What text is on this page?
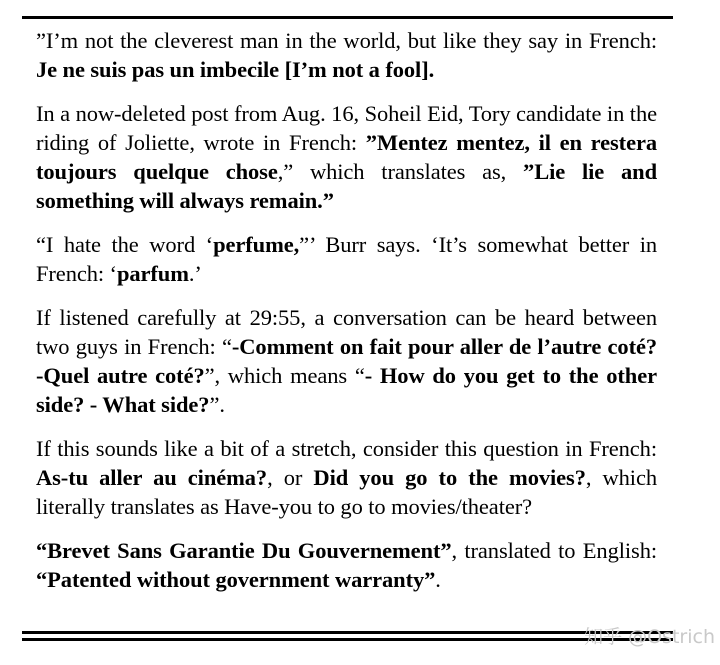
”I’m not the cleverest man in the world, but like they say in French: Je ne suis pas un imbecile [I’m not a fool].

In a now-deleted post from Aug. 16, Soheil Eid, Tory candidate in the riding of Joliette, wrote in French: ”Mentez mentez, il en restera toujours quelque chose,” which translates as, ”Lie lie and something will always remain.”

“I hate the word ‘perfume,”’ Burr says. ‘It’s somewhat better in French: ‘parfum.’

If listened carefully at 29:55, a conversation can be heard between two guys in French: “-Comment on fait pour aller de l’autre coté? -Quel autre coté?”, which means “- How do you get to the other side? - What side?”.

If this sounds like a bit of a stretch, consider this question in French: As-tu aller au cinéma?, or Did you go to the movies?, which literally translates as Have-you to go to movies/theater?

“Brevet Sans Garantie Du Gouvernement”, translated to English: “Patented without government warranty”.

知乎 @Ostrich
